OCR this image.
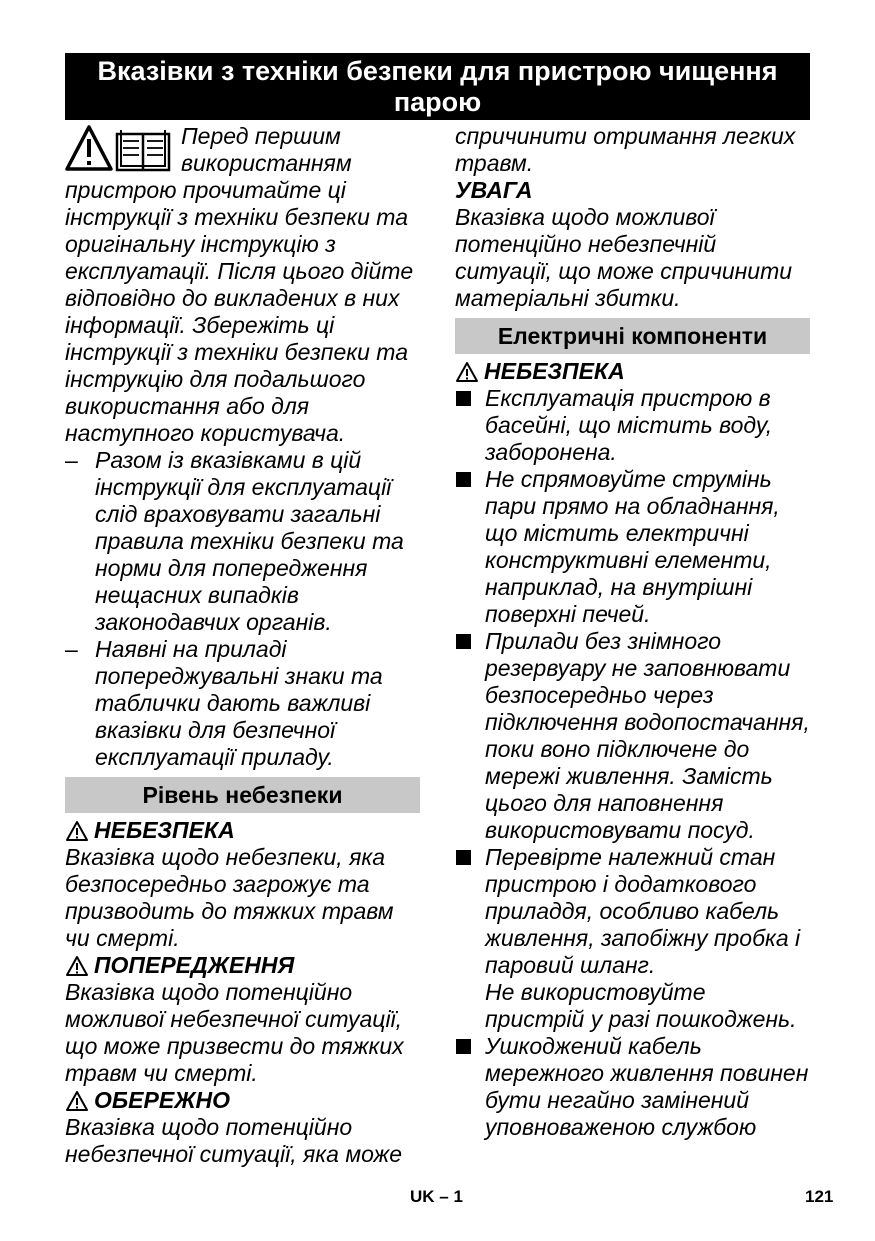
Вказівки з техніки безпеки для пристрою чищення
парою

Перед першим використанням пристрою прочитайте ці інструкції з техніки безпеки та оригінальну інструкцію з експлуатації. Після цього дійте відповідно до викладених в них інформації. Збережіть ці інструкції з техніки безпеки та інструкцію для подальшого використання або для наступного користувача.

– Разом із вказівками в цій інструкції для експлуатації слід враховувати загальні правила техніки безпеки та норми для попередження нещасних випадків законодавчих органів.
– Наявні на приладі попереджувальні знаки та таблички дають важливі вказівки для безпечної експлуатації приладу.
Рівень небезпеки
НЕБЕЗПЕКА

Вказівка щодо небезпеки, яка безпосередньо загрожує та призводить до тяжких травм чи смерті.

ПОПЕРЕДЖЕННЯ

Вказівка щодо потенційно можливої небезпечної ситуації, що може призвести до тяжких травм чи смерті.

ОБЕРЕЖНО

Вказівка щодо потенційно небезпечної ситуації, яка може

спричинити отримання легких травм.

УВАГА

Вказівка щодо можливої потенційно небезпечній ситуації, що може спричинити матеріальні збитки.

Електричні компоненти
НЕБЕЗПЕКА
Експлуатація пристрою в басейні, що містить воду, заборонена.
Не спрямовуйте струмінь пари прямо на обладнання, що містить електричні конструктивні елементи, наприклад, на внутрішні поверхні печей.
Прилади без знімного резервуару не заповнювати безпосередньо через підключення водопостачання, поки воно підключене до мережі живлення. Замість цього для наповнення використовувати посуд.
Перевірте належний стан пристрою і додаткового приладдя, особливо кабель живлення, запобіжну пробка і паровий шланг.

Не використовуйте пристрій у разі пошкоджень.

Ушкоджений кабель мережного живлення повинен бути негайно замінений уповноваженою службою
UK – 1	121
